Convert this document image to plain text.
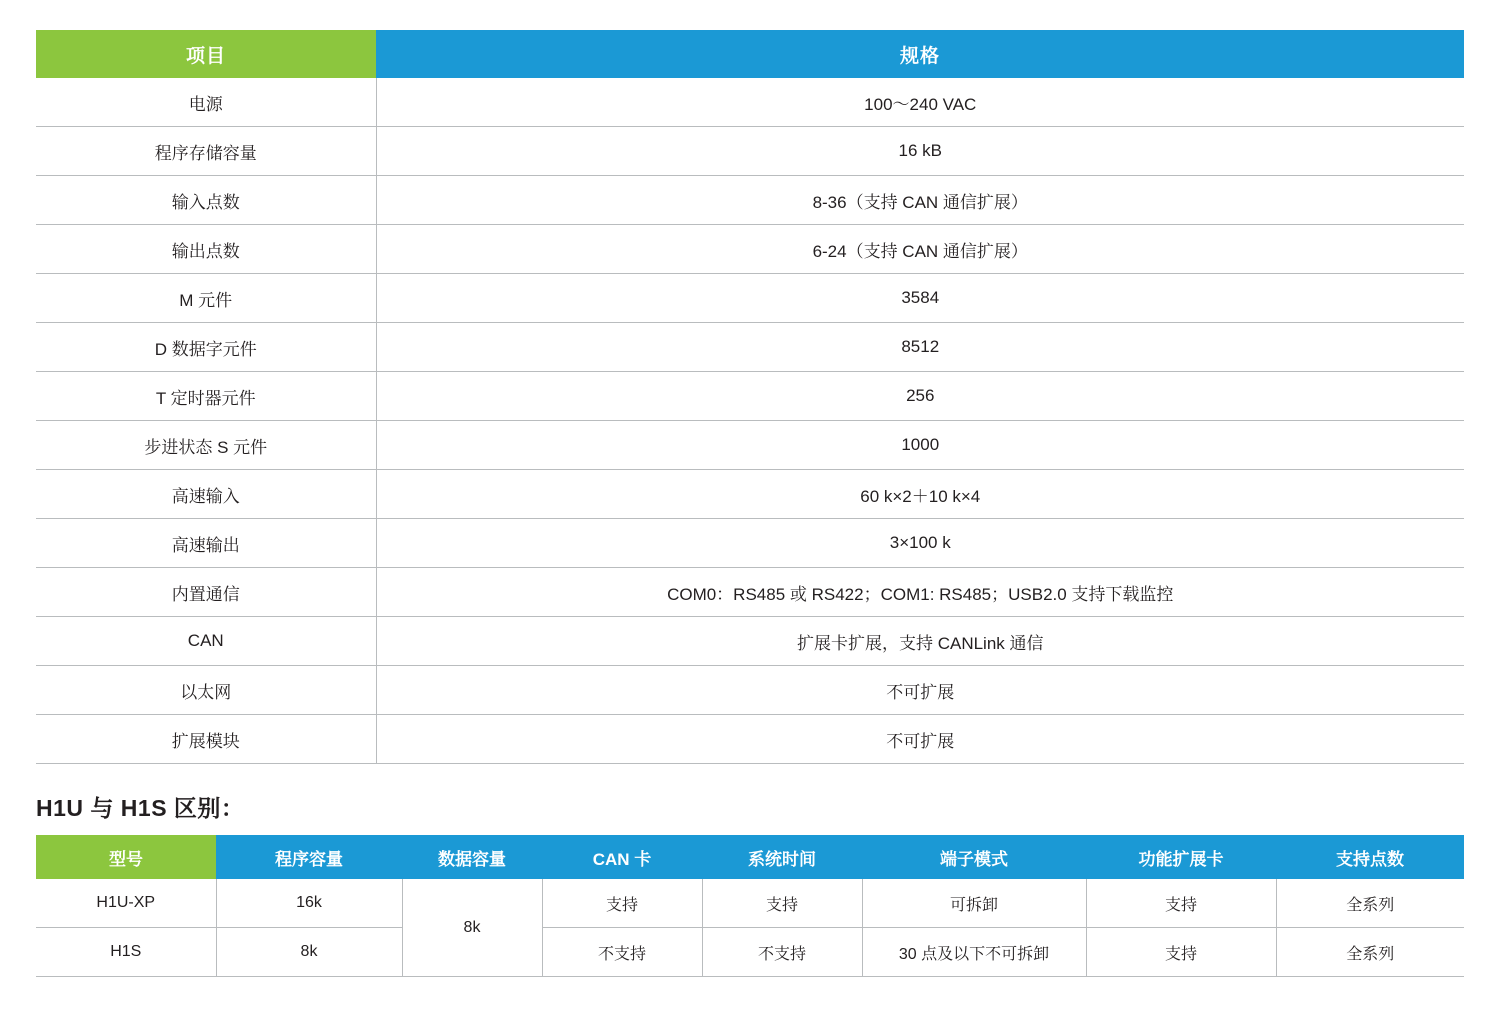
项目	规格
电源	100～240 VAC
程序存储容量	16 kB
输入点数	8‑36（支持 CAN 通信扩展）
输出点数	6‑24（支持 CAN 通信扩展）
M 元件	3584
D 数据字元件	8512
T 定时器元件	256
步进状态 S 元件	1000
高速输入	60 k×2＋10 k×4
高速输出	3×100 k
内置通信	COM0：RS485 或 RS422；COM1: RS485；USB2.0 支持下载监控
CAN	扩展卡扩展，支持 CANLink 通信
以太网	不可扩展
扩展模块	不可扩展
H1U 与 H1S 区别：
型号	程序容量	数据容量	CAN 卡	系统时间	端子模式	功能扩展卡	支持点数
H1U-XP	16k	8k	支持	支持	可拆卸	支持	全系列
H1S	8k		不支持	不支持	30 点及以下不可拆卸	支持	全系列
